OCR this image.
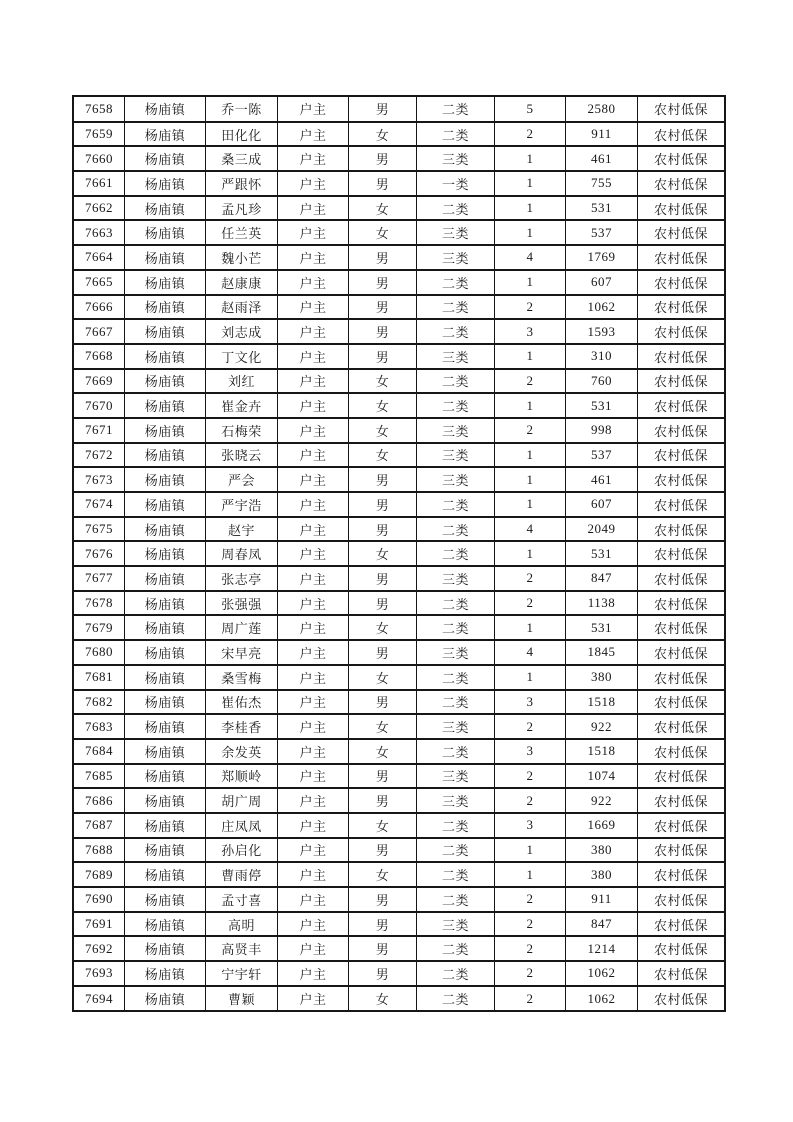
7658	杨庙镇	乔一陈	户主	男	二类	5	2580	农村低保
7659	杨庙镇	田化化	户主	女	二类	2	911	农村低保
7660	杨庙镇	桑三成	户主	男	三类	1	461	农村低保
7661	杨庙镇	严跟怀	户主	男	一类	1	755	农村低保
7662	杨庙镇	孟凡珍	户主	女	二类	1	531	农村低保
7663	杨庙镇	任兰英	户主	女	三类	1	537	农村低保
7664	杨庙镇	魏小芒	户主	男	三类	4	1769	农村低保
7665	杨庙镇	赵康康	户主	男	二类	1	607	农村低保
7666	杨庙镇	赵雨泽	户主	男	二类	2	1062	农村低保
7667	杨庙镇	刘志成	户主	男	二类	3	1593	农村低保
7668	杨庙镇	丁文化	户主	男	三类	1	310	农村低保
7669	杨庙镇	刘红	户主	女	二类	2	760	农村低保
7670	杨庙镇	崔金卉	户主	女	二类	1	531	农村低保
7671	杨庙镇	石梅荣	户主	女	三类	2	998	农村低保
7672	杨庙镇	张晓云	户主	女	三类	1	537	农村低保
7673	杨庙镇	严会	户主	男	三类	1	461	农村低保
7674	杨庙镇	严宇浩	户主	男	二类	1	607	农村低保
7675	杨庙镇	赵宇	户主	男	二类	4	2049	农村低保
7676	杨庙镇	周春凤	户主	女	二类	1	531	农村低保
7677	杨庙镇	张志亭	户主	男	三类	2	847	农村低保
7678	杨庙镇	张强强	户主	男	二类	2	1138	农村低保
7679	杨庙镇	周广莲	户主	女	二类	1	531	农村低保
7680	杨庙镇	宋早亮	户主	男	三类	4	1845	农村低保
7681	杨庙镇	桑雪梅	户主	女	二类	1	380	农村低保
7682	杨庙镇	崔佑杰	户主	男	二类	3	1518	农村低保
7683	杨庙镇	李桂香	户主	女	三类	2	922	农村低保
7684	杨庙镇	余发英	户主	女	二类	3	1518	农村低保
7685	杨庙镇	郑顺岭	户主	男	三类	2	1074	农村低保
7686	杨庙镇	胡广周	户主	男	三类	2	922	农村低保
7687	杨庙镇	庄凤凤	户主	女	二类	3	1669	农村低保
7688	杨庙镇	孙启化	户主	男	二类	1	380	农村低保
7689	杨庙镇	曹雨停	户主	女	二类	1	380	农村低保
7690	杨庙镇	孟寸喜	户主	男	二类	2	911	农村低保
7691	杨庙镇	高明	户主	男	三类	2	847	农村低保
7692	杨庙镇	高贤丰	户主	男	二类	2	1214	农村低保
7693	杨庙镇	宁宇轩	户主	男	二类	2	1062	农村低保
7694	杨庙镇	曹颖	户主	女	二类	2	1062	农村低保
